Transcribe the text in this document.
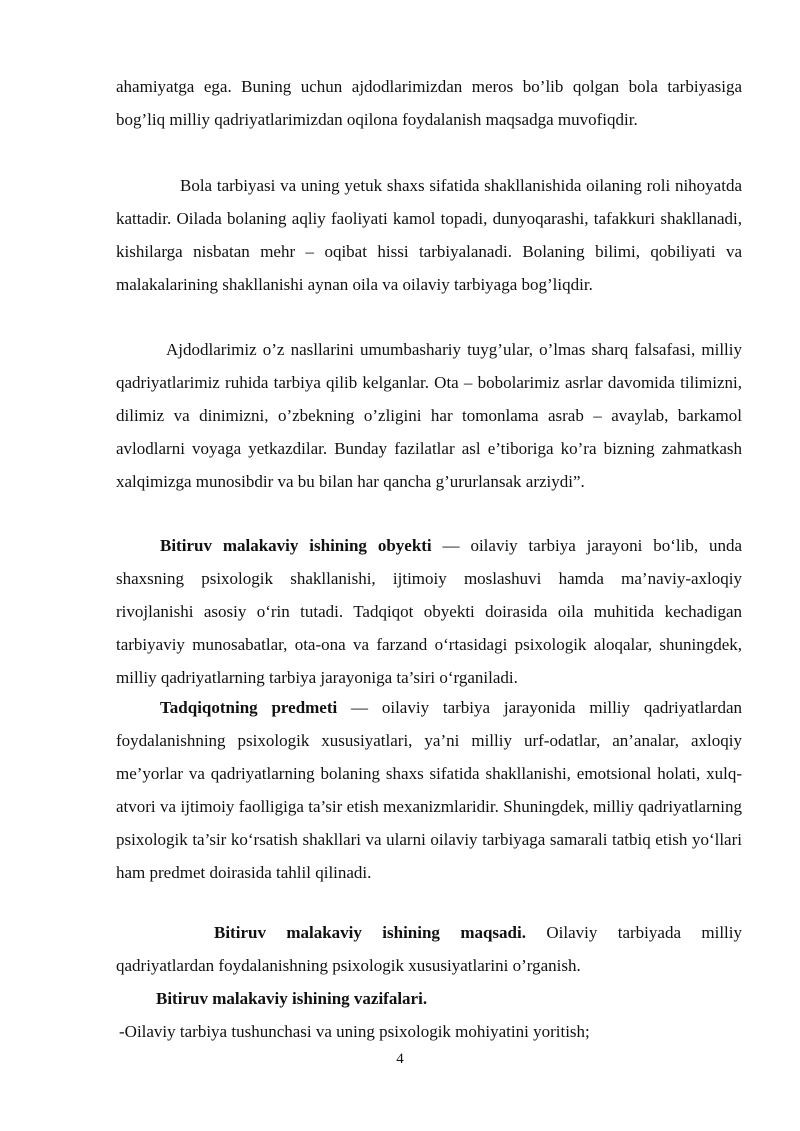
ahamiyatga ega. Buning uchun ajdodlarimizdan meros bo’lib qolgan bola tarbiyasiga bog’liq milliy qadriyatlarimizdan oqilona foydalanish maqsadga muvofiqdir.

Bola tarbiyasi va uning yetuk shaxs sifatida shakllanishida oilaning roli nihoyatda kattadir. Oilada bolaning aqliy faoliyati kamol topadi, dunyoqarashi, tafakkuri shakllanadi, kishilarga nisbatan mehr – oqibat hissi tarbiyalanadi. Bolaning bilimi, qobiliyati va malakalarining shakllanishi aynan oila va oilaviy tarbiyaga bog’liqdir.

Ajdodlarimiz o’z nasllarini umumbashariy tuyg’ular, o’lmas sharq falsafasi, milliy qadriyatlarimiz ruhida tarbiya qilib kelganlar. Ota – bobolarimiz asrlar davomida tilimizni, dilimiz va dinimizni, o’zbekning o’zligini har tomonlama asrab – avaylab, barkamol avlodlarni voyaga yetkazdilar. Bunday fazilatlar asl e’tiboriga ko’ra bizning zahmatkash xalqimizga munosibdir va bu bilan har qancha g’ururlansak arziydi”.

Bitiruv malakaviy ishining obyekti — oilaviy tarbiya jarayoni bo‘lib, unda shaxsning psixologik shakllanishi, ijtimoiy moslashuvi hamda ma’naviy-axloqiy rivojlanishi asosiy o‘rin tutadi. Tadqiqot obyekti doirasida oila muhitida kechadigan tarbiyaviy munosabatlar, ota-ona va farzand o‘rtasidagi psixologik aloqalar, shuningdek, milliy qadriyatlarning tarbiya jarayoniga ta’siri o‘rganiladi.

Tadqiqotning predmeti — oilaviy tarbiya jarayonida milliy qadriyatlardan foydalanishning psixologik xususiyatlari, ya’ni milliy urf-odatlar, an’analar, axloqiy me’yorlar va qadriyatlarning bolaning shaxs sifatida shakllanishi, emotsional holati, xulq-atvori va ijtimoiy faolligiga ta’sir etish mexanizmlaridir. Shuningdek, milliy qadriyatlarning psixologik ta’sir ko‘rsatish shakllari va ularni oilaviy tarbiyaga samarali tatbiq etish yo‘llari ham predmet doirasida tahlil qilinadi.

Bitiruv malakaviy ishining maqsadi. Oilaviy tarbiyada milliy qadriyatlardan foydalanishning psixologik xususiyatlarini o’rganish.

Bitiruv malakaviy ishining vazifalari.

-Oilaviy tarbiya tushunchasi va uning psixologik mohiyatini yoritish;

4
